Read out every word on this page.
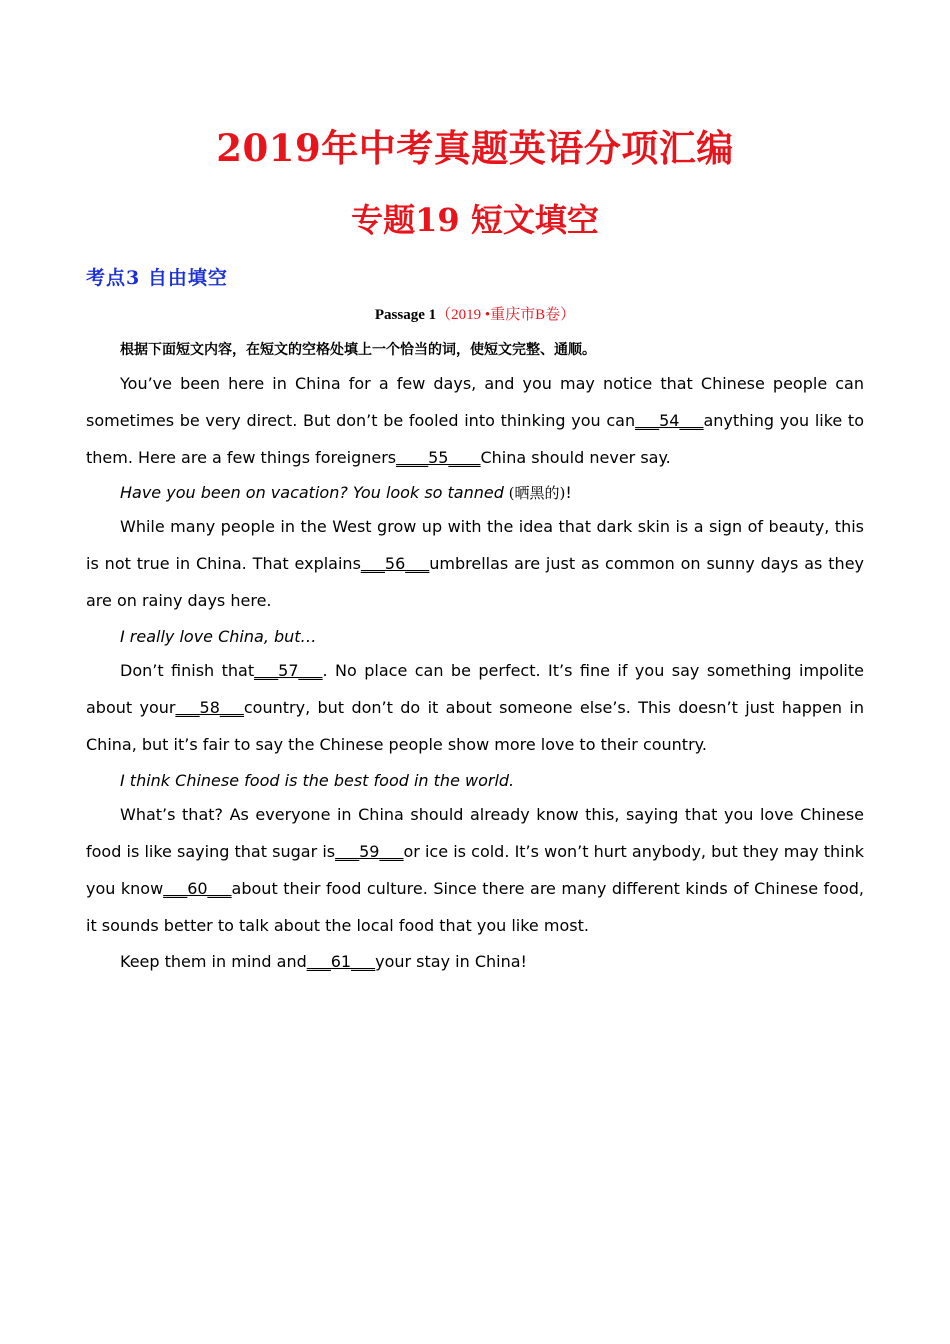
2019年中考真题英语分项汇编
专题19 短文填空
考点3 自由填空
Passage 1（2019 •重庆市B卷）
根据下面短文内容，在短文的空格处填上一个恰当的词，使短文完整、通顺。

You’ve been here in China for a few days, and you may notice that Chinese people can sometimes be very direct. But don’t be fooled into thinking you can___54___anything you like to them. Here are a few things foreigners____55____China should never say.

Have you been on vacation? You look so tanned (晒黑的)!

While many people in the West grow up with the idea that dark skin is a sign of beauty, this is not true in China. That explains___56___umbrellas are just as common on sunny days as they are on rainy days here.

I really love China, but…

Don’t finish that___57___. No place can be perfect. It’s fine if you say something impolite about your___58___country, but don’t do it about someone else’s. This doesn’t just happen in China, but it’s fair to say the Chinese people show more love to their country.

I think Chinese food is the best food in the world.

What’s that? As everyone in China should already know this, saying that you love Chinese food is like saying that sugar is___59___or ice is cold. It’s won’t hurt anybody, but they may think you know___60___about their food culture. Since there are many different kinds of Chinese food, it sounds better to talk about the local food that you like most.

Keep them in mind and___61___your stay in China!
